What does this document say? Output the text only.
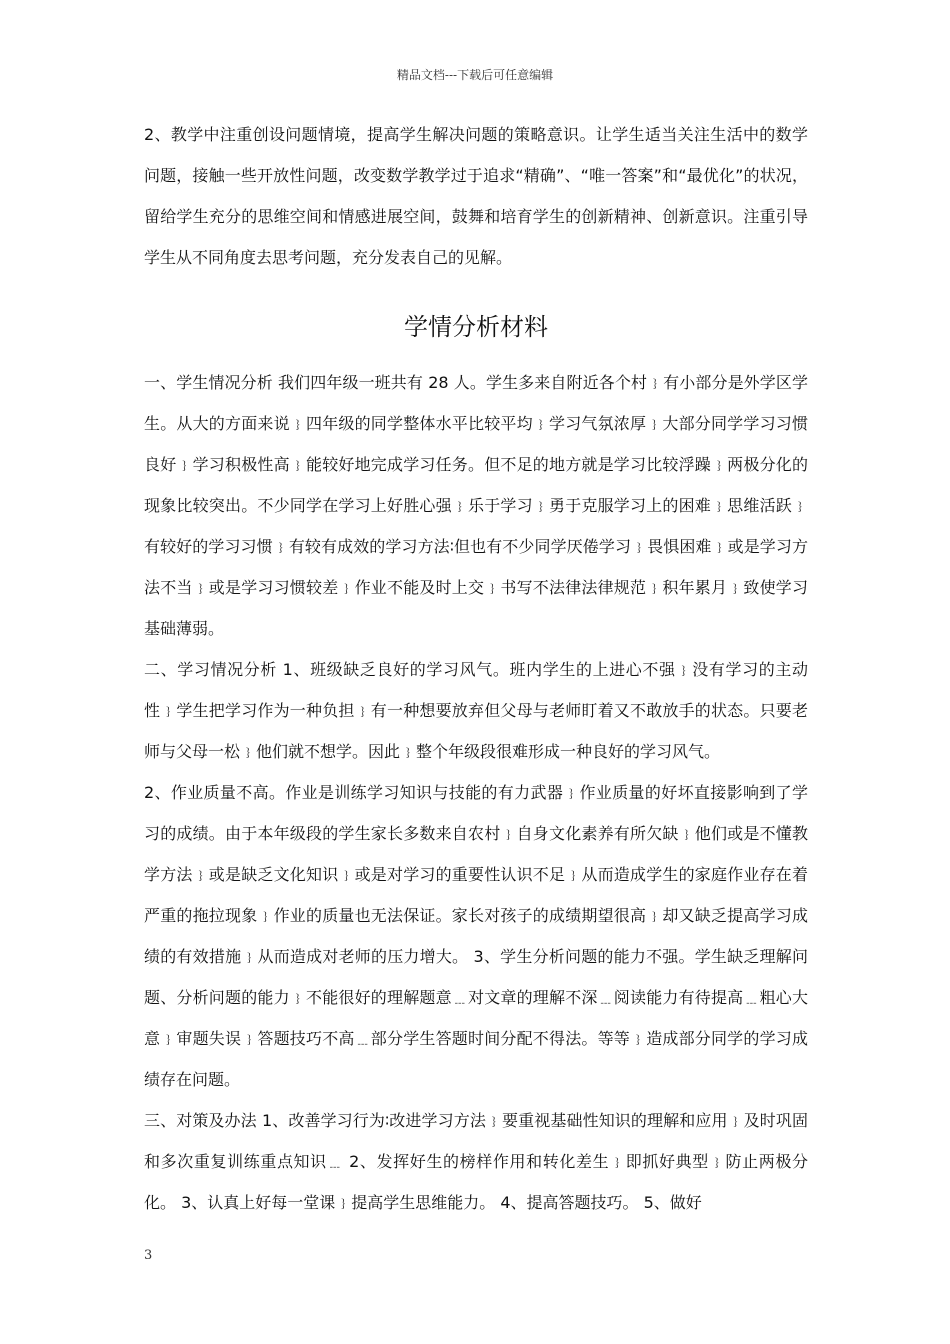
精品文档---下载后可任意编辑

2、教学中注重创设问题情境，提高学生解决问题的策略意识。让学生适当关注生活中的数学问题，接触一些开放性问题，改变数学教学过于追求“精确”、“唯一答案”和“最优化”的状况，留给学生充分的思维空间和情感进展空间，鼓舞和培育学生的创新精神、创新意识。注重引导学生从不同角度去思考问题，充分发表自己的见解。

学情分析材料

一、学生情况分析 我们四年级一班共有 28 人。学生多来自附近各个村﹜有小部分是外学区学生。从大的方面来说﹜四年级的同学整体水平比较平均﹜学习气氛浓厚﹜大部分同学学习习惯良好﹜学习积极性高﹜能较好地完成学习任务。但不足的地方就是学习比较浮躁﹜两极分化的现象比较突出。不少同学在学习上好胜心强﹜乐于学习﹜勇于克服学习上的困难﹜思维活跃﹜有较好的学习习惯﹜有较有成效的学习方法∶但也有不少同学厌倦学习﹜畏惧困难﹜或是学习方法不当﹜或是学习习惯较差﹜作业不能及时上交﹜书写不法律法律规范﹜积年累月﹜致使学习基础薄弱。

二、学习情况分析 1、班级缺乏良好的学习风气。班内学生的上进心不强﹜没有学习的主动性﹜学生把学习作为一种负担﹜有一种想要放弃但父母与老师盯着又不敢放手的状态。只要老师与父母一松﹜他们就不想学。因此﹜整个年级段很难形成一种良好的学习风气。

2、作业质量不高。作业是训练学习知识与技能的有力武器﹜作业质量的好坏直接影响到了学习的成绩。由于本年级段的学生家长多数来自农村﹜自身文化素养有所欠缺﹜他们或是不懂教学方法﹜或是缺乏文化知识﹜或是对学习的重要性认识不足﹜从而造成学生的家庭作业存在着严重的拖拉现象﹜作业的质量也无法保证。家长对孩子的成绩期望很高﹜却又缺乏提高学习成绩的有效措施﹜从而造成对老师的压力增大。 3、学生分析问题的能力不强。学生缺乏理解问题、分析问题的能力﹜不能很好的理解题意﹍对文章的理解不深﹍阅读能力有待提高﹍粗心大意﹜审题失误﹜答题技巧不高﹍部分学生答题时间分配不得法。等等﹜造成部分同学的学习成绩存在问题。

三、对策及办法 1、改善学习行为∶改进学习方法﹜要重视基础性知识的理解和应用﹜及时巩固和多次重复训练重点知识﹍ 2、发挥好生的榜样作用和转化差生﹜即抓好典型﹜防止两极分化。 3、认真上好每一堂课﹜提高学生思维能力。 4、提高答题技巧。 5、做好

3
